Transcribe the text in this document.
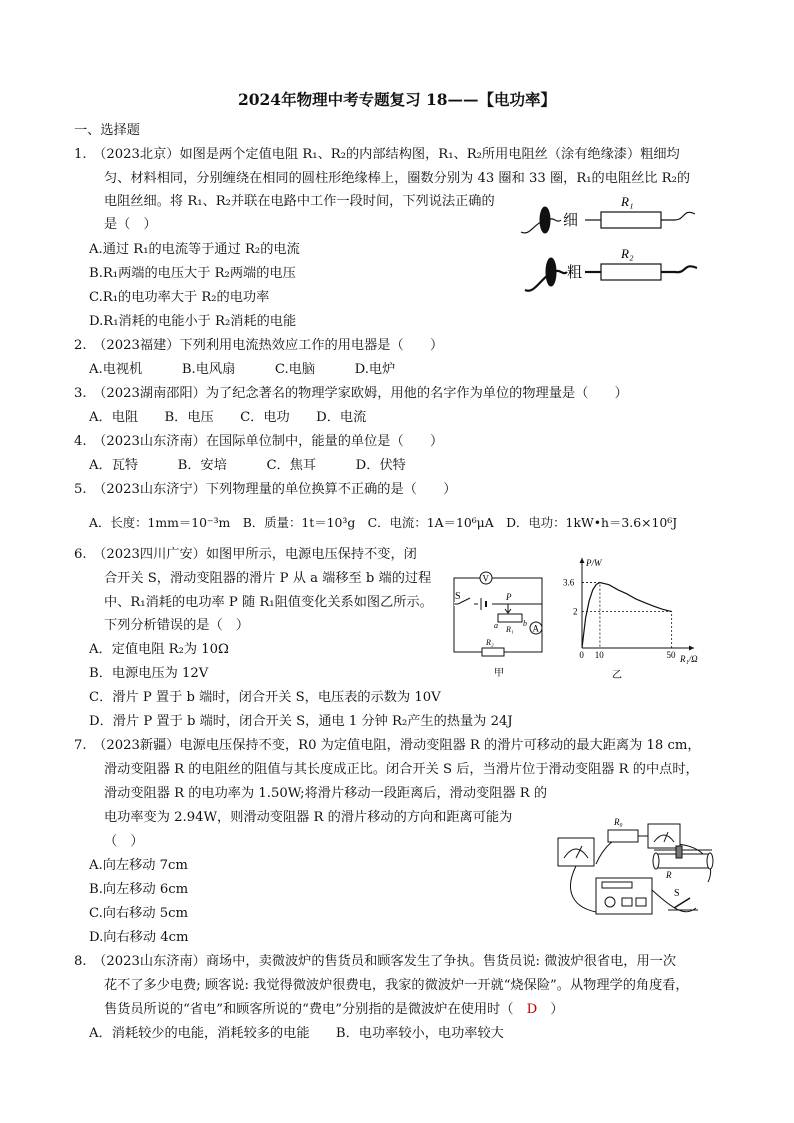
2024年物理中考专题复习 18——【电功率】
一、选择题
1.　（2023北京）如图是两个定值电阻 R₁、R₂的内部结构图，R₁、R₂所用电阻丝（涂有绝缘漆）粗细均
匀、材料相同，分别缠绕在相同的圆柱形绝缘棒上，圈数分别为 43 圈和 33 圈，R₁的电阻丝比 R₂的
电阻丝细。将 R₁、R₂并联在电路中工作一段时间，下列说法正确的
是（　）
A.通过 R₁的电流等于通过 R₂的电流
B.R₁两端的电压大于 R₂两端的电压
C.R₁的电功率大于 R₂的电功率
D.R₁消耗的电能小于 R₂消耗的电能
细
R₁
粗
R₂
2.　（2023福建）下列利用电流热效应工作的用电器是（　　）
A.电视机　　　B.电风扇　　　C.电脑　　　D.电炉
3.　（2023湖南邵阳）为了纪念著名的物理学家欧姆，用他的名字作为单位的物理量是（　　）
A．电阻　　B．电压　　C．电功　　D．电流
4.　（2023山东济南）在国际单位制中，能量的单位是（　　）
A．瓦特　　　B．安培　　　C．焦耳　　　D．伏特
5.　（2023山东济宁）下列物理量的单位换算不正确的是（　　）
A．长度：1mm＝10⁻³m　B．质量：1t＝10³g　C．电流：1A＝10⁶μA　D．电功：1kW•h＝3.6×10⁶J
6.　（2023四川广安）如图甲所示，电源电压保持不变，闭
合开关 S，滑动变阻器的滑片 P 从 a 端移至 b 端的过程
中、R₁消耗的电功率 P 随 R₁阻值变化关系如图乙所示。
下列分析错误的是（　）
A．定值电阻 R₂为 10Ω
B．电源电压为 12V
C．滑片 P 置于 b 端时，闭合开关 S，电压表的示数为 10V
D．滑片 P 置于 b 端时，闭合开关 S，通电 1 分钟 R₂产生的热量为 24J
V
S	P
a	b
R₁ A
R₂
甲
P/W
R₁/Ω
0 10	50
2
3.6
乙
7.　（2023新疆）电源电压保持不变，R0 为定值电阻，滑动变阻器 R 的滑片可移动的最大距离为 18 cm，
滑动变阻器 R 的电阻丝的阻值与其长度成正比。闭合开关 S 后，当滑片位于滑动变阻器 R 的中点时，
滑动变阻器 R 的电功率为 1.50W;将滑片移动一段距离后，滑动变阻器 R 的
电功率变为 2.94W，则滑动变阻器 R 的滑片移动的方向和距离可能为
（　）
A.向左移动 7cm
B.向左移动 6cm
C.向右移动 5cm
D.向右移动 4cm
R₀
R
S
8.　（2023山东济南）商场中，卖微波炉的售货员和顾客发生了争执。售货员说: 微波炉很省电，用一次
花不了多少电费; 顾客说: 我觉得微波炉很费电，我家的微波炉一开就“烧保险”。从物理学的角度看，
售货员所说的“省电”和顾客所说的“费电”分别指的是微波炉在使用时（　 D　 ）
A．消耗较少的电能，消耗较多的电能　　B．电功率较小，电功率较大
